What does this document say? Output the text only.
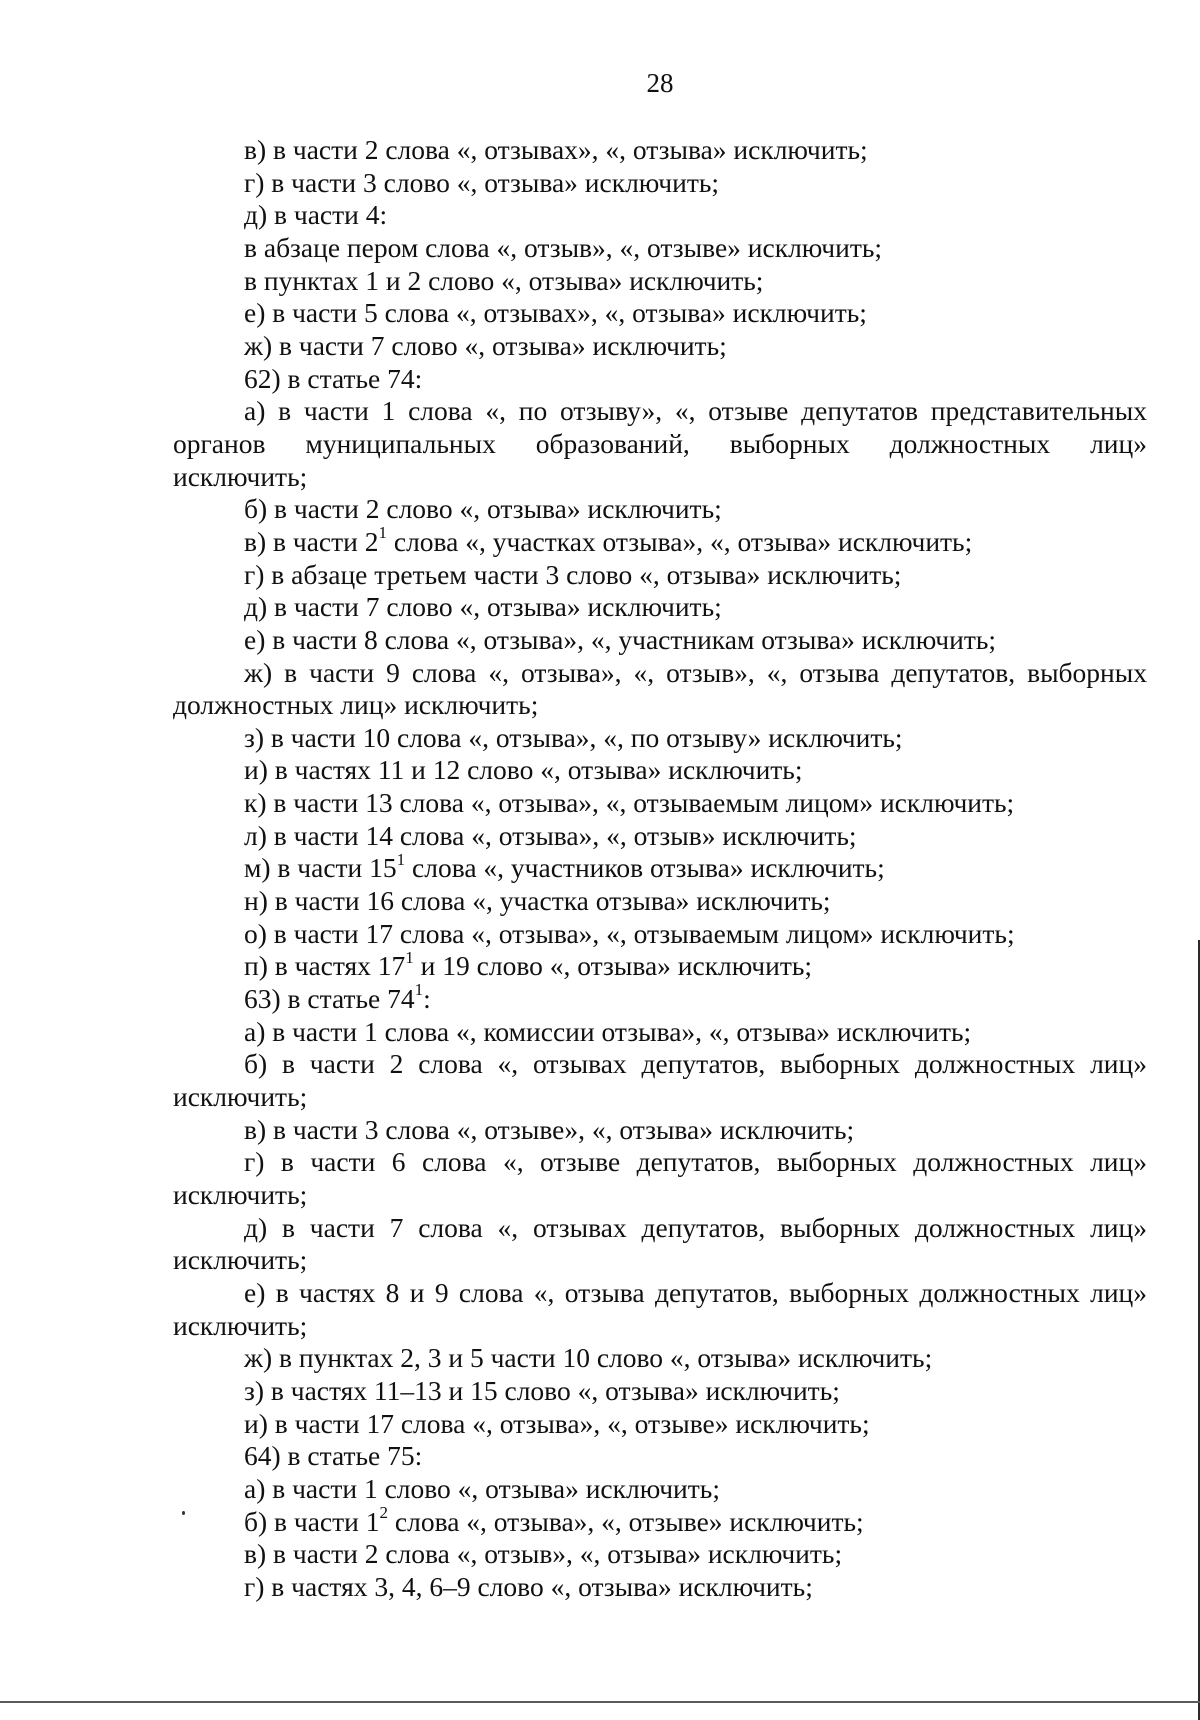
28
в) в части 2 слова «, отзывах», «, отзыва» исключить;
г) в части 3 слово «, отзыва» исключить;
д) в части 4:
в абзаце пером слова «, отзыв», «, отзыве» исключить;
в пунктах 1 и 2 слово «, отзыва» исключить;
е) в части 5 слова «, отзывах», «, отзыва» исключить;
ж) в части 7 слово «, отзыва» исключить;
62) в статье 74:
а) в части 1 слова «, по отзыву», «, отзыве депутатов представительных
органов муниципальных образований, выборных должностных лиц»
исключить;
б) в части 2 слово «, отзыва» исключить;
в) в части $2^1$ слова «, участках отзыва», «, отзыва» исключить;
г) в абзаце третьем части 3 слово «, отзыва» исключить;
д) в части 7 слово «, отзыва» исключить;
е) в части 8 слова «, отзыва», «, участникам отзыва» исключить;
ж) в части 9 слова «, отзыва», «, отзыв», «, отзыва депутатов, выборных
должностных лиц» исключить;
з) в части 10 слова «, отзыва», «, по отзыву» исключить;
и) в частях 11 и 12 слово «, отзыва» исключить;
к) в части 13 слова «, отзыва», «, отзываемым лицом» исключить;
л) в части 14 слова «, отзыва», «, отзыв» исключить;
м) в части $15^1$ слова «, участников отзыва» исключить;
н) в части 16 слова «, участка отзыва» исключить;
о) в части 17 слова «, отзыва», «, отзываемым лицом» исключить;
п) в частях $17^1$ и 19 слово «, отзыва» исключить;
63) в статье $74^1$:
а) в части 1 слова «, комиссии отзыва», «, отзыва» исключить;
б) в части 2 слова «, отзывах депутатов, выборных должностных лиц»
исключить;
в) в части 3 слова «, отзыве», «, отзыва» исключить;
г) в части 6 слова «, отзыве депутатов, выборных должностных лиц»
исключить;
д) в части 7 слова «, отзывах депутатов, выборных должностных лиц»
исключить;
е) в частях 8 и 9 слова «, отзыва депутатов, выборных должностных лиц»
исключить;
ж) в пунктах 2, 3 и 5 части 10 слово «, отзыва» исключить;
з) в частях 11–13 и 15 слово «, отзыва» исключить;
и) в части 17 слова «, отзыва», «, отзыве» исключить;
64) в статье 75:
а) в части 1 слово «, отзыва» исключить;
б) в части $1^2$ слова «, отзыва», «, отзыве» исключить;
в) в части 2 слова «, отзыв», «, отзыва» исключить;
г) в частях 3, 4, 6–9 слово «, отзыва» исключить;
